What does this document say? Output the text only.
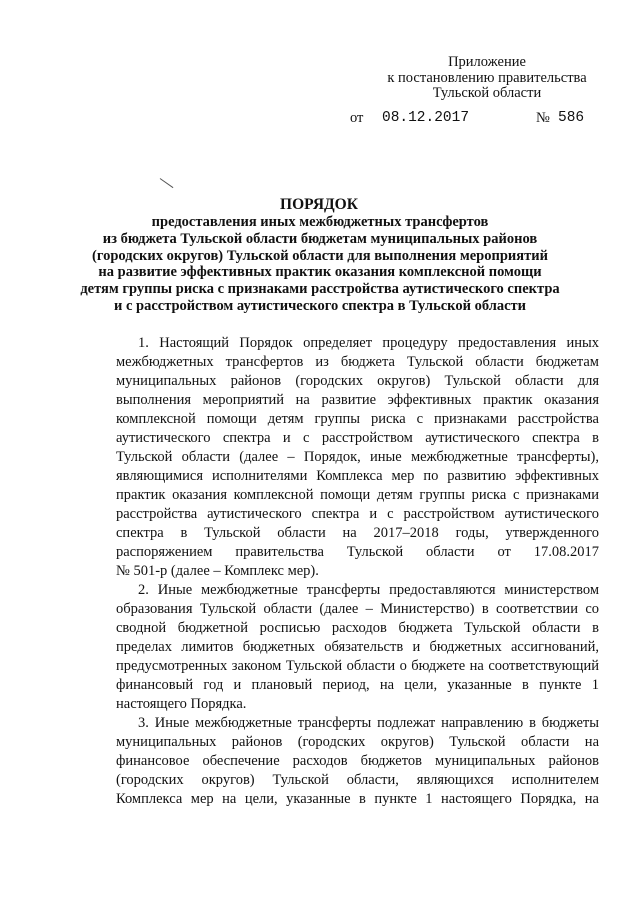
Приложение
к постановлению правительства
Тульской области
от 08.12.2017	№ 586
ПОРЯДОК
предоставления иных межбюджетных трансфертов
из бюджета Тульской области бюджетам муниципальных районов
(городских округов) Тульской области для выполнения мероприятий
на развитие эффективных практик оказания комплексной помощи
детям группы риска с признаками расстройства аутистического спектра
и с расстройством аутистического спектра в Тульской области
1. Настоящий Порядок определяет процедуру предоставления иных
межбюджетных трансфертов из бюджета Тульской области бюджетам
муниципальных районов (городских округов) Тульской области для
выполнения мероприятий на развитие эффективных практик оказания
комплексной помощи детям группы риска с признаками расстройства
аутистического спектра и с расстройством аутистического спектра в
Тульской области (далее – Порядок, иные межбюджетные трансферты),
являющимися исполнителями Комплекса мер по развитию эффективных
практик оказания комплексной помощи детям группы риска с признаками
расстройства аутистического спектра и с расстройством аутистического
спектра в Тульской области на 2017–2018 годы, утвержденного
распоряжением правительства Тульской области от 17.08.2017
№ 501-р (далее – Комплекс мер).
2. Иные межбюджетные трансферты предоставляются министерством
образования Тульской области (далее – Министерство) в соответствии со
сводной бюджетной росписью расходов бюджета Тульской области в
пределах лимитов бюджетных обязательств и бюджетных ассигнований,
предусмотренных законом Тульской области о бюджете на соответствующий
финансовый год и плановый период, на цели, указанные в пункте 1
настоящего Порядка.
3. Иные межбюджетные трансферты подлежат направлению в бюджеты
муниципальных районов (городских округов) Тульской области на
финансовое обеспечение расходов бюджетов муниципальных районов
(городских округов) Тульской области, являющихся исполнителем
Комплекса мер на цели, указанные в пункте 1 настоящего Порядка, на
